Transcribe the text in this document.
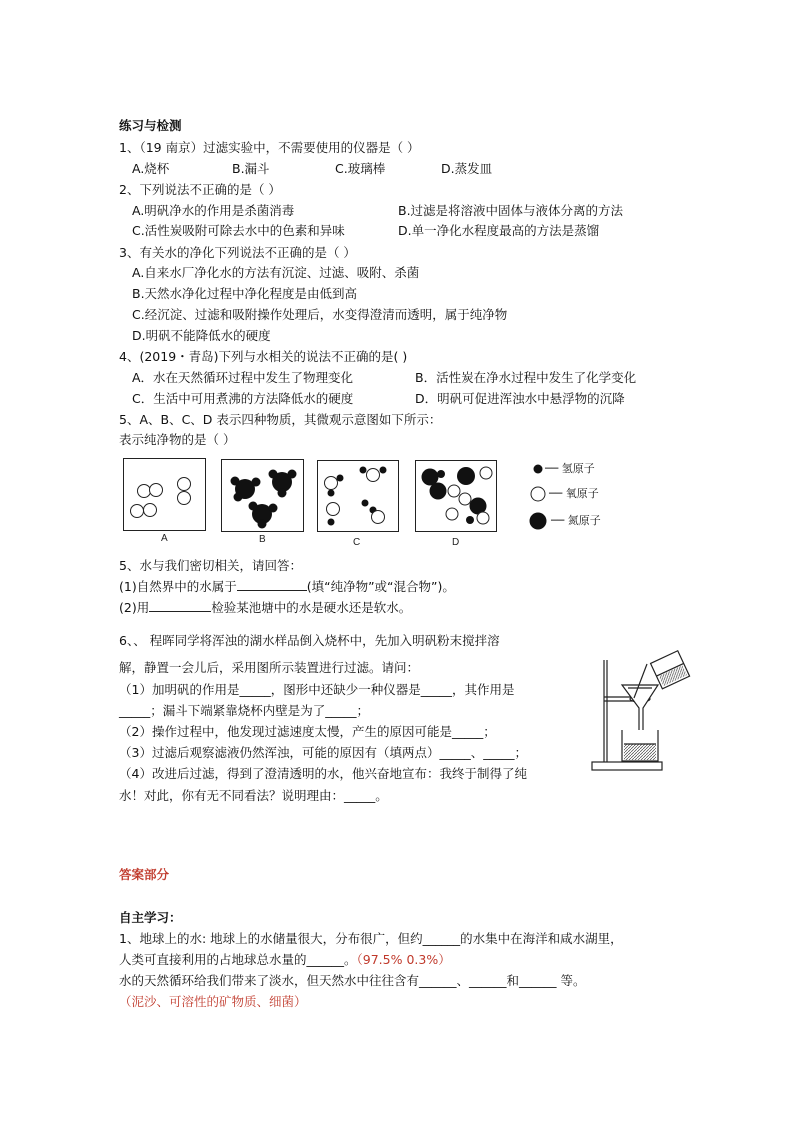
练习与检测
1、（19 南京）过滤实验中，不需要使用的仪器是（ ）
A.烧杯	B.漏斗	C.玻璃棒	D.蒸发皿
2、下列说法不正确的是（ ）
A.明矾净水的作用是杀菌消毒	B.过滤是将溶液中固体与液体分离的方法
C.活性炭吸附可除去水中的色素和异味	D.单一净化水程度最高的方法是蒸馏
3、有关水的净化下列说法不正确的是（ ）
A.自来水厂净化水的方法有沉淀、过滤、吸附、杀菌
B.天然水净化过程中净化程度是由低到高
C.经沉淀、过滤和吸附操作处理后，水变得澄清而透明，属于纯净物
D.明矾不能降低水的硬度
4、(2019・青岛)下列与水相关的说法不正确的是( )
A．水在天然循环过程中发生了物理变化	B．活性炭在净水过程中发生了化学变化
C．生活中可用煮沸的方法降低水的硬度	D．明矾可促进浑浊水中悬浮物的沉降
5、A、B、C、D 表示四种物质，其微观示意图如下所示：
表示纯净物的是（ ）
A	B	C	D
── 氢原子
── 氧原子
── 氮原子
5、水与我们密切相关，请回答：
(1)自然界中的水属于	(填“纯净物”或“混合物”)。
(2)用	检验某池塘中的水是硬水还是软水。
6、、 程晖同学将浑浊的湖水样品倒入烧杯中，先加入明矾粉末搅拌溶
解，静置一会儿后，采用图所示装置进行过滤。请问：
（1）加明矾的作用是_____，图形中还缺少一种仪器是_____，其作用是
_____；漏斗下端紧靠烧杯内壁是为了_____；
（2）操作过程中，他发现过滤速度太慢，产生的原因可能是_____；
（3）过滤后观察滤液仍然浑浊，可能的原因有（填两点）_____、_____；
（4）改进后过滤，得到了澄清透明的水，他兴奋地宣布：我终于制得了纯
水！对此，你有无不同看法？说明理由：_____。
答案部分
自主学习：
1、地球上的水: 地球上的水储量很大，分布很广，但约______的水集中在海洋和咸水湖里，
人类可直接利用的占地球总水量的______。（97.5% 0.3%）
水的天然循环给我们带来了淡水，但天然水中往往含有______、______和______ 等。
（泥沙、可溶性的矿物质、细菌）
